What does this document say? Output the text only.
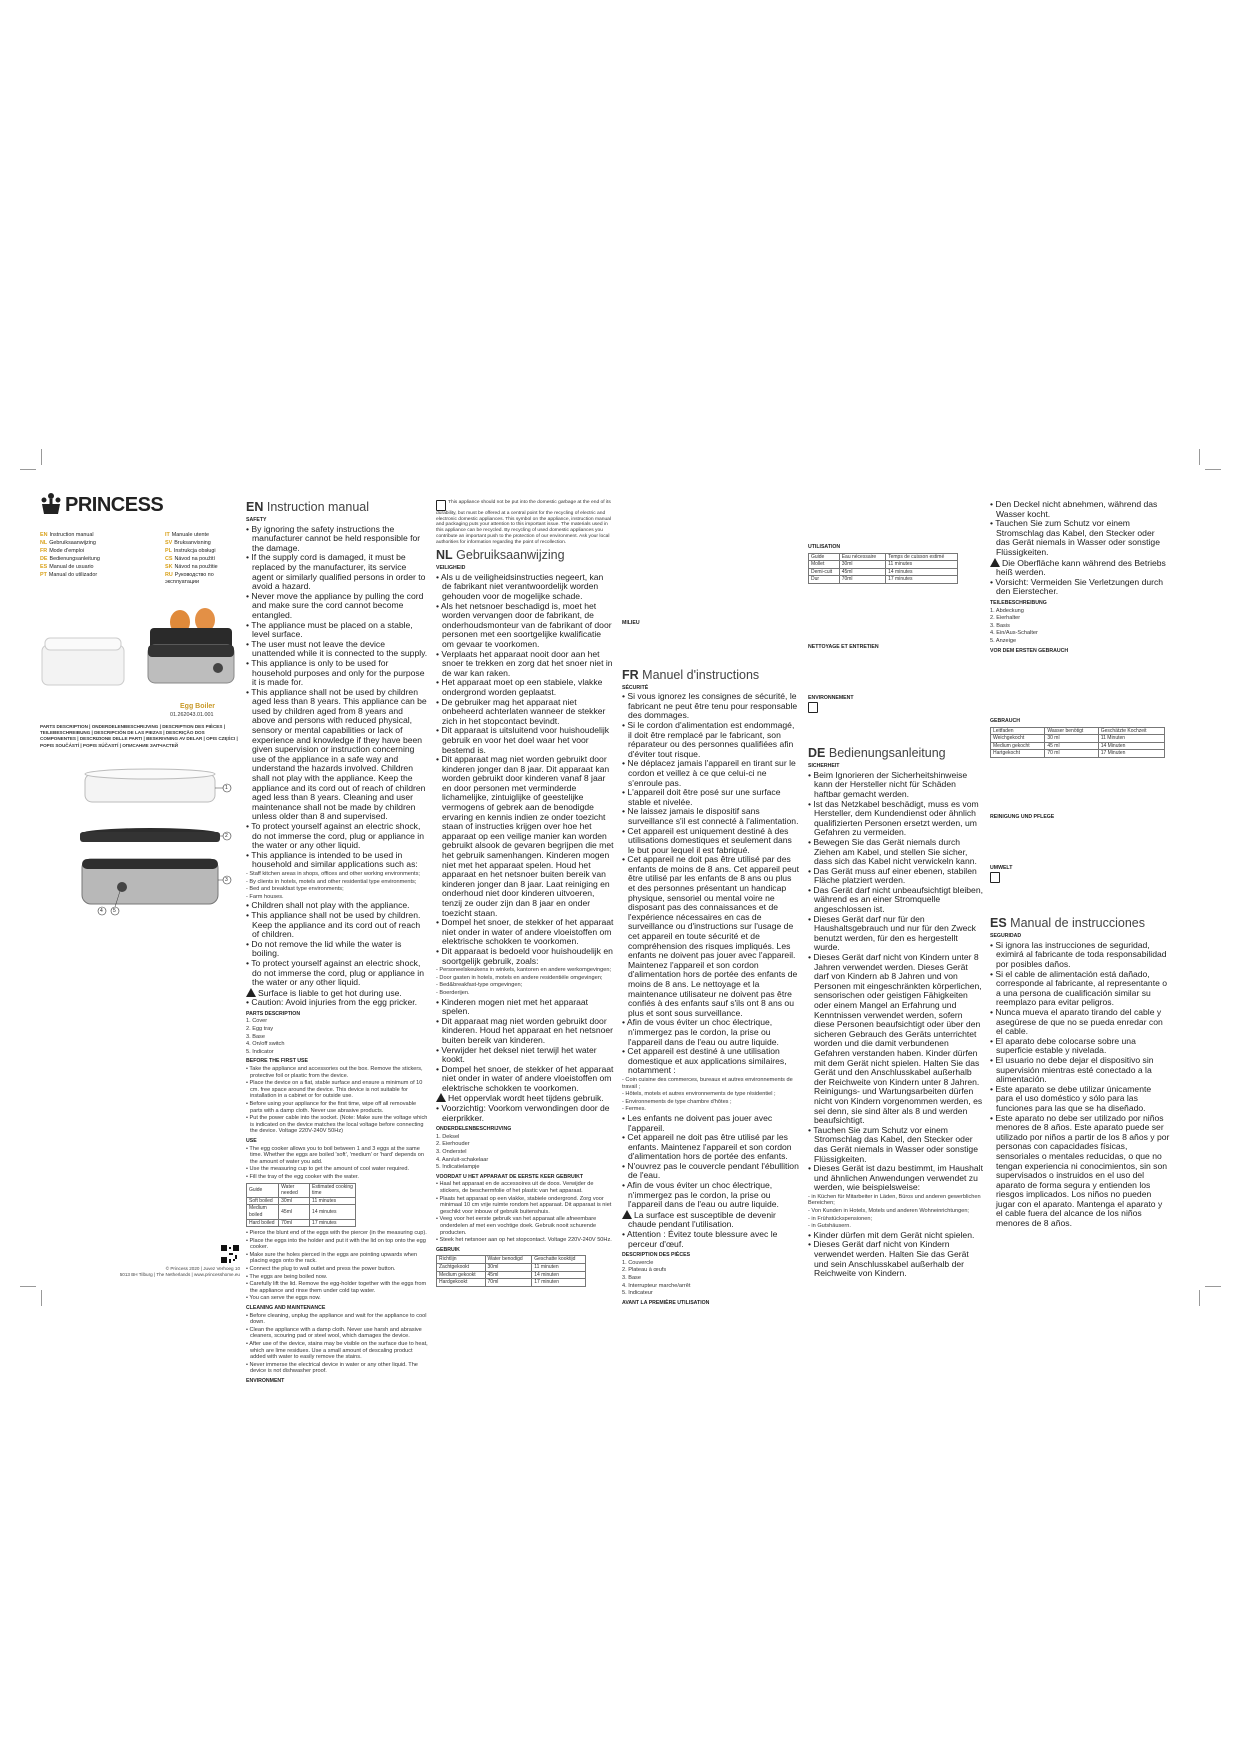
PRINCESS
EN Instruction manual	IT Manuale utente
NL Gebruiksaanwijzing	SV Bruksanvisning
FR Mode d'emploi	PL Instrukcja obsługi
DE Bedienungsanleitung	CS Návod na použití
ES Manual de usuario	SK Návod na použitie
PT Manual do utilizador	RU Руководство по эксплуатации
Egg Boiler
01.262043.01.001
PARTS DESCRIPTION | ONDERDELENBESCHRIJVING | DESCRIPTION DES PIÈCES | TEILEBESCHREIBUNG | DESCRIPCIÓN DE LAS PIEZAS | DESCRIÇÃO DOS COMPONENTES | DESCRIZIONE DELLE PARTI | BESKRIVNING AV DELAR | OPIS CZĘŚCI | POPIS SOUČÁSTÍ | POPIS SÚČASTÍ | ОПИСАНИЕ ЗАПЧАСТЕЙ
1
2
3
4 5
© Princess 2020 | Juvez Verhoeg 10
5013 BH Tilburg | The Netherlands | www.princesshome.eu
EN Instruction manual
SAFETY

• By ignoring the safety instructions the manufacturer cannot be held responsible for the damage.

• If the supply cord is damaged, it must be replaced by the manufacturer, its service agent or similarly qualified persons in order to avoid a hazard.

• Never move the appliance by pulling the cord and make sure the cord cannot become entangled.

• The appliance must be placed on a stable, level surface.

• The user must not leave the device unattended while it is connected to the supply.

• This appliance is only to be used for household purposes and only for the purpose it is made for.

• This appliance shall not be used by children aged less than 8 years. This appliance can be used by children aged from 8 years and above and persons with reduced physical, sensory or mental capabilities or lack of experience and knowledge if they have been given supervision or instruction concerning use of the appliance in a safe way and understand the hazards involved. Children shall not play with the appliance. Keep the appliance and its cord out of reach of children aged less than 8 years. Cleaning and user maintenance shall not be made by children unless older than 8 and supervised.

• To protect yourself against an electric shock, do not immerse the cord, plug or appliance in the water or any other liquid.

• This appliance is intended to be used in household and similar applications such as:

- Staff kitchen areas in shops, offices and other working environments;

- By clients in hotels, motels and other residential type environments;

- Bed and breakfast type environments;

- Farm houses.

• Children shall not play with the appliance.

• This appliance shall not be used by children. Keep the appliance and its cord out of reach of children.

• Do not remove the lid while the water is boiling.

• To protect yourself against an electric shock, do not immerse the cord, plug or appliance in the water or any other liquid.

Surface is liable to get hot during use.

• Caution: Avoid injuries from the egg pricker.

PARTS DESCRIPTION

1. Cover

2. Egg tray

3. Base

4. On/off switch

5. Indicator

BEFORE THE FIRST USE

• Take the appliance and accessories out the box. Remove the stickers, protective foil or plastic from the device.

• Place the device on a flat, stable surface and ensure a minimum of 10 cm. free space around the device. This device is not suitable for installation in a cabinet or for outside use.

• Before using your appliance for the first time, wipe off all removable parts with a damp cloth. Never use abrasive products.

• Put the power cable into the socket. (Note: Make sure the voltage which is indicated on the device matches the local voltage before connecting the device. Voltage 220V-240V 50Hz)

USE

• The egg cooker allows you to boil between 1 and 3 eggs at the same time. Whether the eggs are boiled 'soft', 'medium' or 'hard' depends on the amount of water you add.

• Use the measuring cup to get the amount of cool water required.

• Fill the tray of the egg cooker with the water.

Guide	Water needed	Estimated cooking time
Soft boiled	30ml	11 minutes
Medium boiled	45ml	14 minutes
Hard boiled	70ml	17 minutes

• Pierce the blunt end of the eggs with the piercer (in the measuring cup).

• Place the eggs into the holder and put it with the lid on top onto the egg cooker.

• Make sure the holes pierced in the eggs are pointing upwards when placing eggs onto the rack.

• Connect the plug to wall outlet and press the power button.

• The eggs are being boiled now.

• Carefully lift the lid. Remove the egg-holder together with the eggs from the appliance and rinse them under cold tap water.

• You can serve the eggs now.

CLEANING AND MAINTENANCE

• Before cleaning, unplug the appliance and wait for the appliance to cool down.

• Clean the appliance with a damp cloth. Never use harsh and abrasive cleaners, scouring pad or steel wool, which damages the device.

• After use of the device, stains may be visible on the surface due to heat, which are lime residues. Use a small amount of descaling product added with water to easily remove the stains.

• Never immerse the electrical device in water or any other liquid. The device is not dishwasher proof.

ENVIRONMENT
This appliance should not be put into the domestic garbage at the end of its durability, but must be offered at a central point for the recycling of electric and electronic domestic appliances. This symbol on the appliance, instruction manual and packaging puts your attention to this important issue. The materials used in this appliance can be recycled. By recycling of used domestic appliances you contribute an important push to the protection of our environment. Ask your local authorities for information regarding the point of recollection.
NL Gebruiksaanwijzing
VEILIGHEID

• Als u de veiligheidsinstructies negeert, kan de fabrikant niet verantwoordelijk worden gehouden voor de mogelijke schade.

• Als het netsnoer beschadigd is, moet het worden vervangen door de fabrikant, de onderhoudsmonteur van de fabrikant of door personen met een soortgelijke kwalificatie om gevaar te voorkomen.

• Verplaats het apparaat nooit door aan het snoer te trekken en zorg dat het snoer niet in de war kan raken.

• Het apparaat moet op een stabiele, vlakke ondergrond worden geplaatst.

• De gebruiker mag het apparaat niet onbeheerd achterlaten wanneer de stekker zich in het stopcontact bevindt.

• Dit apparaat is uitsluitend voor huishoudelijk gebruik en voor het doel waar het voor bestemd is.

• Dit apparaat mag niet worden gebruikt door kinderen jonger dan 8 jaar. Dit apparaat kan worden gebruikt door kinderen vanaf 8 jaar en door personen met verminderde lichamelijke, zintuiglijke of geestelijke vermogens of gebrek aan de benodigde ervaring en kennis indien ze onder toezicht staan of instructies krijgen over hoe het apparaat op een veilige manier kan worden gebruikt alsook de gevaren begrijpen die met het gebruik samenhangen. Kinderen mogen niet met het apparaat spelen. Houd het apparaat en het netsnoer buiten bereik van kinderen jonger dan 8 jaar. Laat reiniging en onderhoud niet door kinderen uitvoeren, tenzij ze ouder zijn dan 8 jaar en onder toezicht staan.

• Dompel het snoer, de stekker of het apparaat niet onder in water of andere vloeistoffen om elektrische schokken te voorkomen.

• Dit apparaat is bedoeld voor huishoudelijk en soortgelijk gebruik, zoals:

- Personeelskeukens in winkels, kantoren en andere werkomgevingen;

- Door gasten in hotels, motels en andere residentiële omgevingen;

- Bed&breakfast-type omgevingen;

- Boerderijen.

• Kinderen mogen niet met het apparaat spelen.

• Dit apparaat mag niet worden gebruikt door kinderen. Houd het apparaat en het netsnoer buiten bereik van kinderen.

• Verwijder het deksel niet terwijl het water kookt.

• Dompel het snoer, de stekker of het apparaat niet onder in water of andere vloeistoffen om elektrische schokken te voorkomen.

Het oppervlak wordt heet tijdens gebruik.

• Voorzichtig: Voorkom verwondingen door de eierprikker.

ONDERDELENBESCHRIJVING

1. Deksel

2. Eierhouder

3. Onderstel

4. Aan/uit-schakelaar

5. Indicatielampje

VOORDAT U HET APPARAAT DE EERSTE KEER GEBRUIKT

• Haal het apparaat en de accessoires uit de doos. Verwijder de stickers, de beschermfolie of het plastic van het apparaat.

• Plaats het apparaat op een vlakke, stabiele ondergrond. Zorg voor minimaal 10 cm vrije ruimte rondom het apparaat. Dit apparaat is niet geschikt voor inbouw of gebruik buitenshuis.

• Veeg voor het eerste gebruik van het apparaat alle afneembare onderdelen af met een vochtige doek. Gebruik nooit schurende producten.

• Steek het netsnoer aan op het stopcontact. Voltage 220V-240V 50Hz.

GEBRUIK
Richtlijn	Water benodigd	Geschatte kooktijd
Zachtgekookt	30ml	11 minuten
Medium gekookt	45ml	14 minuten
Hardgekookt	70ml	17 minuten
MILIEU
FR Manuel d'instructions
SÉCURITÉ

• Si vous ignorez les consignes de sécurité, le fabricant ne peut être tenu pour responsable des dommages.

• Si le cordon d'alimentation est endommagé, il doit être remplacé par le fabricant, son réparateur ou des personnes qualifiées afin d'éviter tout risque.

• Ne déplacez jamais l'appareil en tirant sur le cordon et veillez à ce que celui-ci ne s'enroule pas.

• L'appareil doit être posé sur une surface stable et nivelée.

• Ne laissez jamais le dispositif sans surveillance s'il est connecté à l'alimentation.

• Cet appareil est uniquement destiné à des utilisations domestiques et seulement dans le but pour lequel il est fabriqué.

• Cet appareil ne doit pas être utilisé par des enfants de moins de 8 ans. Cet appareil peut être utilisé par les enfants de 8 ans ou plus et des personnes présentant un handicap physique, sensoriel ou mental voire ne disposant pas des connaissances et de l'expérience nécessaires en cas de surveillance ou d'instructions sur l'usage de cet appareil en toute sécurité et de compréhension des risques impliqués. Les enfants ne doivent pas jouer avec l'appareil. Maintenez l'appareil et son cordon d'alimentation hors de portée des enfants de moins de 8 ans. Le nettoyage et la maintenance utilisateur ne doivent pas être confiés à des enfants sauf s'ils ont 8 ans ou plus et sont sous surveillance.

• Afin de vous éviter un choc électrique, n'immergez pas le cordon, la prise ou l'appareil dans de l'eau ou autre liquide.

• Cet appareil est destiné à une utilisation domestique et aux applications similaires, notamment :

- Coin cuisine des commerces, bureaux et autres environnements de travail ;

- Hôtels, motels et autres environnements de type résidentiel ;

- Environnements de type chambre d'hôtes ;

- Fermes.

• Les enfants ne doivent pas jouer avec l'appareil.

• Cet appareil ne doit pas être utilisé par les enfants. Maintenez l'appareil et son cordon d'alimentation hors de portée des enfants.

• N'ouvrez pas le couvercle pendant l'ébullition de l'eau.

• Afin de vous éviter un choc électrique, n'immergez pas le cordon, la prise ou l'appareil dans de l'eau ou autre liquide.

La surface est susceptible de devenir chaude pendant l'utilisation.

• Attention : Évitez toute blessure avec le perceur d'œuf.

DESCRIPTION DES PIÈCES

1. Couvercle

2. Plateau à œufs

3. Base

4. Interrupteur marche/arrêt

5. Indicateur

AVANT LA PREMIÈRE UTILISATION
UTILISATION
Guide	Eau nécessaire	Temps de cuisson estimé
Mollet	30ml	11 minutes
Demi-cuit	45ml	14 minutes
Dur	70ml	17 minutes
NETTOYAGE ET ENTRETIEN
ENVIRONNEMENT
DE Bedienungsanleitung
SICHERHEIT

• Beim Ignorieren der Sicherheitshinweise kann der Hersteller nicht für Schäden haftbar gemacht werden.

• Ist das Netzkabel beschädigt, muss es vom Hersteller, dem Kundendienst oder ähnlich qualifizierten Personen ersetzt werden, um Gefahren zu vermeiden.

• Bewegen Sie das Gerät niemals durch Ziehen am Kabel, und stellen Sie sicher, dass sich das Kabel nicht verwickeln kann.

• Das Gerät muss auf einer ebenen, stabilen Fläche platziert werden.

• Das Gerät darf nicht unbeaufsichtigt bleiben, während es an einer Stromquelle angeschlossen ist.

• Dieses Gerät darf nur für den Haushaltsgebrauch und nur für den Zweck benutzt werden, für den es hergestellt wurde.

• Dieses Gerät darf nicht von Kindern unter 8 Jahren verwendet werden. Dieses Gerät darf von Kindern ab 8 Jahren und von Personen mit eingeschränkten körperlichen, sensorischen oder geistigen Fähigkeiten oder einem Mangel an Erfahrung und Kenntnissen verwendet werden, sofern diese Personen beaufsichtigt oder über den sicheren Gebrauch des Geräts unterrichtet worden und die damit verbundenen Gefahren verstanden haben. Kinder dürfen mit dem Gerät nicht spielen. Halten Sie das Gerät und den Anschlusskabel außerhalb der Reichweite von Kindern unter 8 Jahren. Reinigungs- und Wartungsarbeiten dürfen nicht von Kindern vorgenommen werden, es sei denn, sie sind älter als 8 und werden beaufsichtigt.

• Tauchen Sie zum Schutz vor einem Stromschlag das Kabel, den Stecker oder das Gerät niemals in Wasser oder sonstige Flüssigkeiten.

• Dieses Gerät ist dazu bestimmt, im Haushalt und ähnlichen Anwendungen verwendet zu werden, wie beispielsweise:

- in Küchen für Mitarbeiter in Läden, Büros und anderen gewerblichen Bereichen;

- Von Kunden in Hotels, Motels und anderen Wohneinrichtungen;

- in Frühstückspensionen;

- in Gutshäusern.

• Kinder dürfen mit dem Gerät nicht spielen.

• Dieses Gerät darf nicht von Kindern verwendet werden. Halten Sie das Gerät und sein Anschlusskabel außerhalb der Reichweite von Kindern.

• Den Deckel nicht abnehmen, während das Wasser kocht.

• Tauchen Sie zum Schutz vor einem Stromschlag das Kabel, den Stecker oder das Gerät niemals in Wasser oder sonstige Flüssigkeiten.

Die Oberfläche kann während des Betriebs heiß werden.

• Vorsicht: Vermeiden Sie Verletzungen durch den Eierstecher.

TEILEBESCHREIBUNG

1. Abdeckung

2. Eierhalter

3. Basis

4. Ein/Aus-Schalter

5. Anzeige

VOR DEM ERSTEN GEBRAUCH
GEBRAUCH
Leitfaden	Wasser benötigt	Geschätzte Kochzeit
Weichgekocht	30 ml	11 Minuten
Medium gekocht	45 ml	14 Minuten
Hartgekocht	70 ml	17 Minuten
REINIGUNG UND PFLEGE
UMWELT
ES Manual de instrucciones
SEGURIDAD

• Si ignora las instrucciones de seguridad, eximirá al fabricante de toda responsabilidad por posibles daños.

• Si el cable de alimentación está dañado, corresponde al fabricante, al representante o a una persona de cualificación similar su reemplazo para evitar peligros.

• Nunca mueva el aparato tirando del cable y asegúrese de que no se pueda enredar con el cable.

• El aparato debe colocarse sobre una superficie estable y nivelada.

• El usuario no debe dejar el dispositivo sin supervisión mientras esté conectado a la alimentación.

• Este aparato se debe utilizar únicamente para el uso doméstico y sólo para las funciones para las que se ha diseñado.

• Este aparato no debe ser utilizado por niños menores de 8 años. Este aparato puede ser utilizado por niños a partir de los 8 años y por personas con capacidades físicas, sensoriales o mentales reducidas, o que no tengan experiencia ni conocimientos, sin son supervisados o instruidos en el uso del aparato de forma segura y entienden los riesgos implicados. Los niños no pueden jugar con el aparato. Mantenga el aparato y el cable fuera del alcance de los niños menores de 8 años.
